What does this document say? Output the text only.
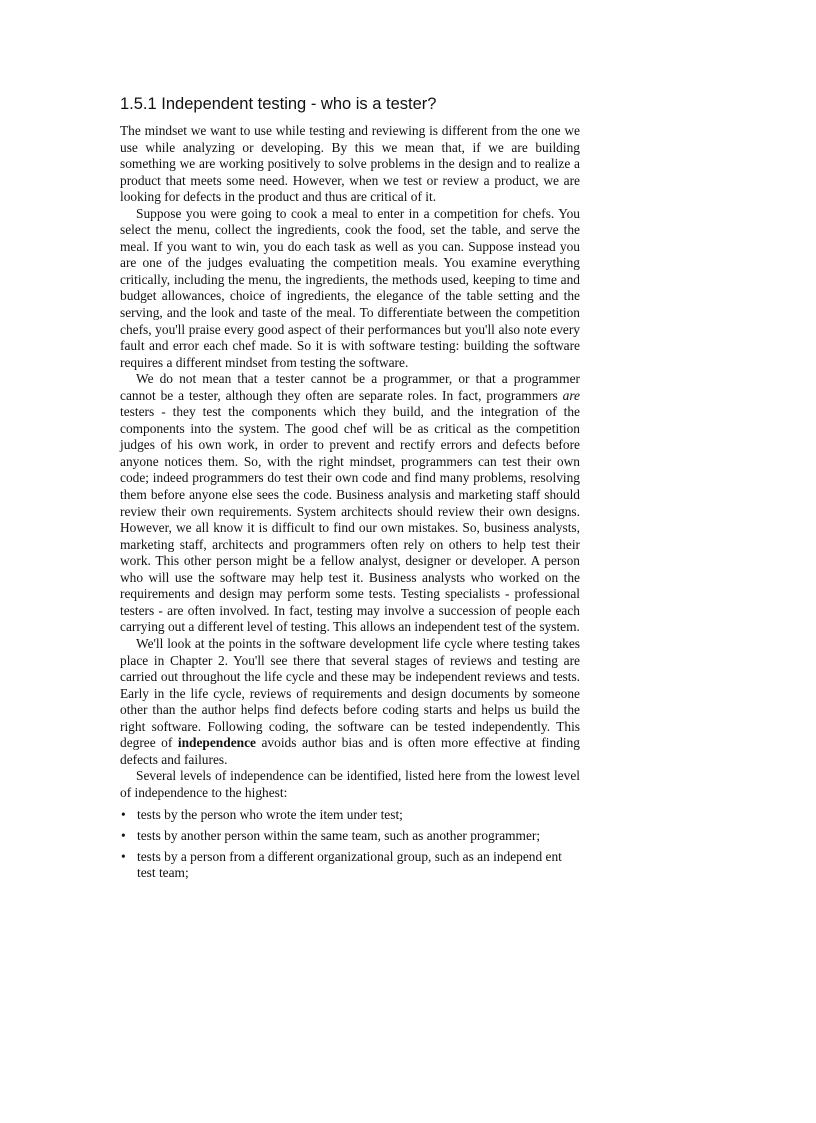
1.5.1 Independent testing - who is a tester?

The mindset we want to use while testing and reviewing is different from the one we use while analyzing or developing. By this we mean that, if we are building something we are working positively to solve problems in the design and to realize a product that meets some need. However, when we test or review a product, we are looking for defects in the product and thus are critical of it.

Suppose you were going to cook a meal to enter in a competition for chefs. You select the menu, collect the ingredients, cook the food, set the table, and serve the meal. If you want to win, you do each task as well as you can. Suppose instead you are one of the judges evaluating the competition meals. You examine everything critically, including the menu, the ingredients, the methods used, keeping to time and budget allowances, choice of ingredients, the elegance of the table setting and the serving, and the look and taste of the meal. To differentiate between the competition chefs, you'll praise every good aspect of their performances but you'll also note every fault and error each chef made. So it is with software testing: building the software requires a different mindset from testing the software.

We do not mean that a tester cannot be a programmer, or that a programmer cannot be a tester, although they often are separate roles. In fact, programmers are testers - they test the components which they build, and the integration of the components into the system. The good chef will be as critical as the competition judges of his own work, in order to prevent and rectify errors and defects before anyone notices them. So, with the right mindset, programmers can test their own code; indeed programmers do test their own code and find many problems, resolving them before anyone else sees the code. Business analysis and marketing staff should review their own requirements. System architects should review their own designs. However, we all know it is difficult to find our own mistakes. So, business analysts, marketing staff, architects and programmers often rely on others to help test their work. This other person might be a fellow analyst, designer or developer. A person who will use the software may help test it. Business analysts who worked on the requirements and design may perform some tests. Testing specialists - professional testers - are often involved. In fact, testing may involve a succession of people each carrying out a different level of testing. This allows an independent test of the system.

We'll look at the points in the software development life cycle where testing takes place in Chapter 2. You'll see there that several stages of reviews and testing are carried out throughout the life cycle and these may be independent reviews and tests. Early in the life cycle, reviews of requirements and design documents by someone other than the author helps find defects before coding starts and helps us build the right software. Following coding, the software can be tested independently. This degree of independence avoids author bias and is often more effective at finding defects and failures.

Several levels of independence can be identified, listed here from the lowest level of independence to the highest:

• tests by the person who wrote the item under test;
• tests by another person within the same team, such as another programmer;
• tests by a person from a different organizational group, such as an independ ent test team;
